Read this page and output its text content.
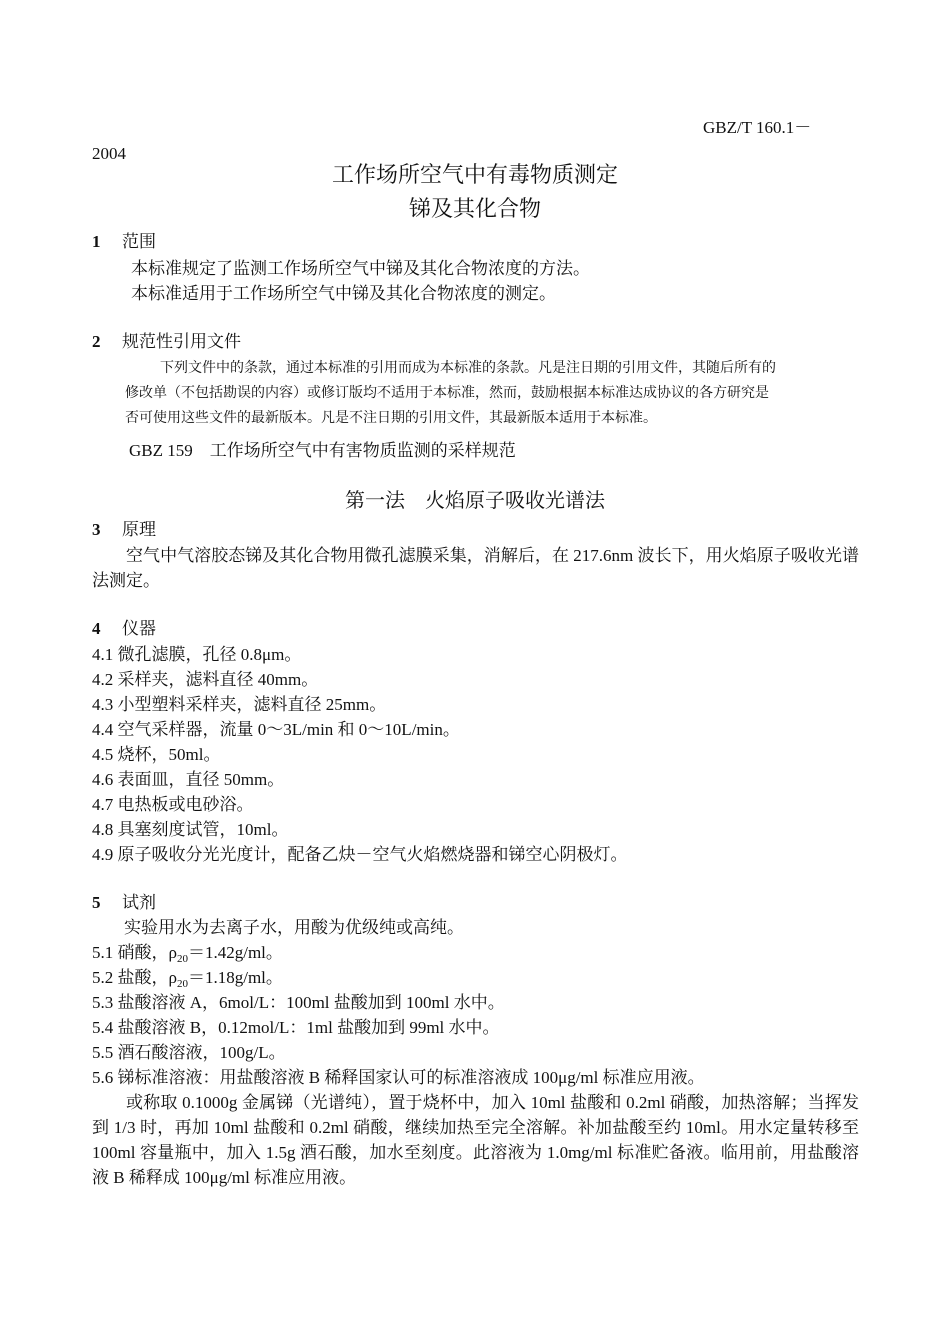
GBZ/T 160.1－
2004
工作场所空气中有毒物质测定
锑及其化合物
1 范围
本标准规定了监测工作场所空气中锑及其化合物浓度的方法。
本标准适用于工作场所空气中锑及其化合物浓度的测定。
2 规范性引用文件
下列文件中的条款，通过本标准的引用而成为本标准的条款。凡是注日期的引用文件，其随后所有的
修改单（不包括勘误的内容）或修订版均不适用于本标准，然而，鼓励根据本标准达成协议的各方研究是
否可使用这些文件的最新版本。凡是不注日期的引用文件，其最新版本适用于本标准。
GBZ 159　工作场所空气中有害物质监测的采样规范
第一法　火焰原子吸收光谱法
3 原理
空气中气溶胶态锑及其化合物用微孔滤膜采集，消解后，在 217.6nm 波长下，用火焰原子吸收光谱法测定。
4 仪器
4.1 微孔滤膜，孔径 0.8μm。
4.2 采样夹，滤料直径 40mm。
4.3 小型塑料采样夹，滤料直径 25mm。
4.4 空气采样器，流量 0～3L/min 和 0～10L/min。
4.5 烧杯，50ml。
4.6 表面皿，直径 50mm。
4.7 电热板或电砂浴。
4.8 具塞刻度试管，10ml。
4.9 原子吸收分光光度计，配备乙炔－空气火焰燃烧器和锑空心阴极灯。
5 试剂
实验用水为去离子水，用酸为优级纯或高纯。
5.1 硝酸，$\rho_{20}=1.42g/ml$。
5.2 盐酸，$\rho_{20}=1.18g/ml$。
5.3 盐酸溶液 A，6mol/L：100ml 盐酸加到 100ml 水中。
5.4 盐酸溶液 B，0.12mol/L：1ml 盐酸加到 99ml 水中。
5.5 酒石酸溶液，100g/L。
5.6 锑标准溶液：用盐酸溶液 B 稀释国家认可的标准溶液成 100μg/ml 标准应用液。
或称取 0.1000g 金属锑（光谱纯），置于烧杯中，加入 10ml 盐酸和 0.2ml 硝酸，加热溶解；当挥发到 1/3 时，再加 10ml 盐酸和 0.2ml 硝酸，继续加热至完全溶解。补加盐酸至约 10ml。用水定量转移至 100ml 容量瓶中，加入 1.5g 酒石酸，加水至刻度。此溶液为 1.0mg/ml 标准贮备液。临用前，用盐酸溶液 B 稀释成 100μg/ml 标准应用液。
